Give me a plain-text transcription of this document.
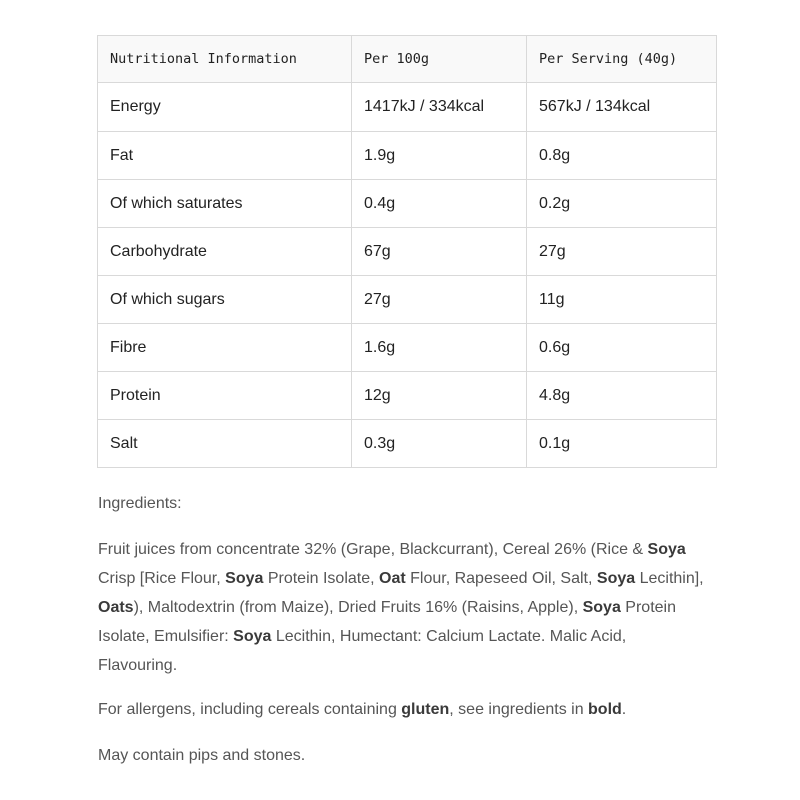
Nutritional Information	Per 100g	Per Serving (40g)
Energy	1417kJ / 334kcal	567kJ / 134kcal
Fat	1.9g	0.8g
Of which saturates	0.4g	0.2g
Carbohydrate	67g	27g
Of which sugars	27g	11g
Fibre	1.6g	0.6g
Protein	12g	4.8g
Salt	0.3g	0.1g
Ingredients:

Fruit juices from concentrate 32% (Grape, Blackcurrant), Cereal 26% (Rice & Soya Crisp [Rice Flour, Soya Protein Isolate, Oat Flour, Rapeseed Oil, Salt, Soya Lecithin], Oats), Maltodextrin (from Maize), Dried Fruits 16% (Raisins, Apple), Soya Protein Isolate, Emulsifier: Soya Lecithin, Humectant: Calcium Lactate. Malic Acid, Flavouring.

For allergens, including cereals containing gluten, see ingredients in bold.

May contain pips and stones.
